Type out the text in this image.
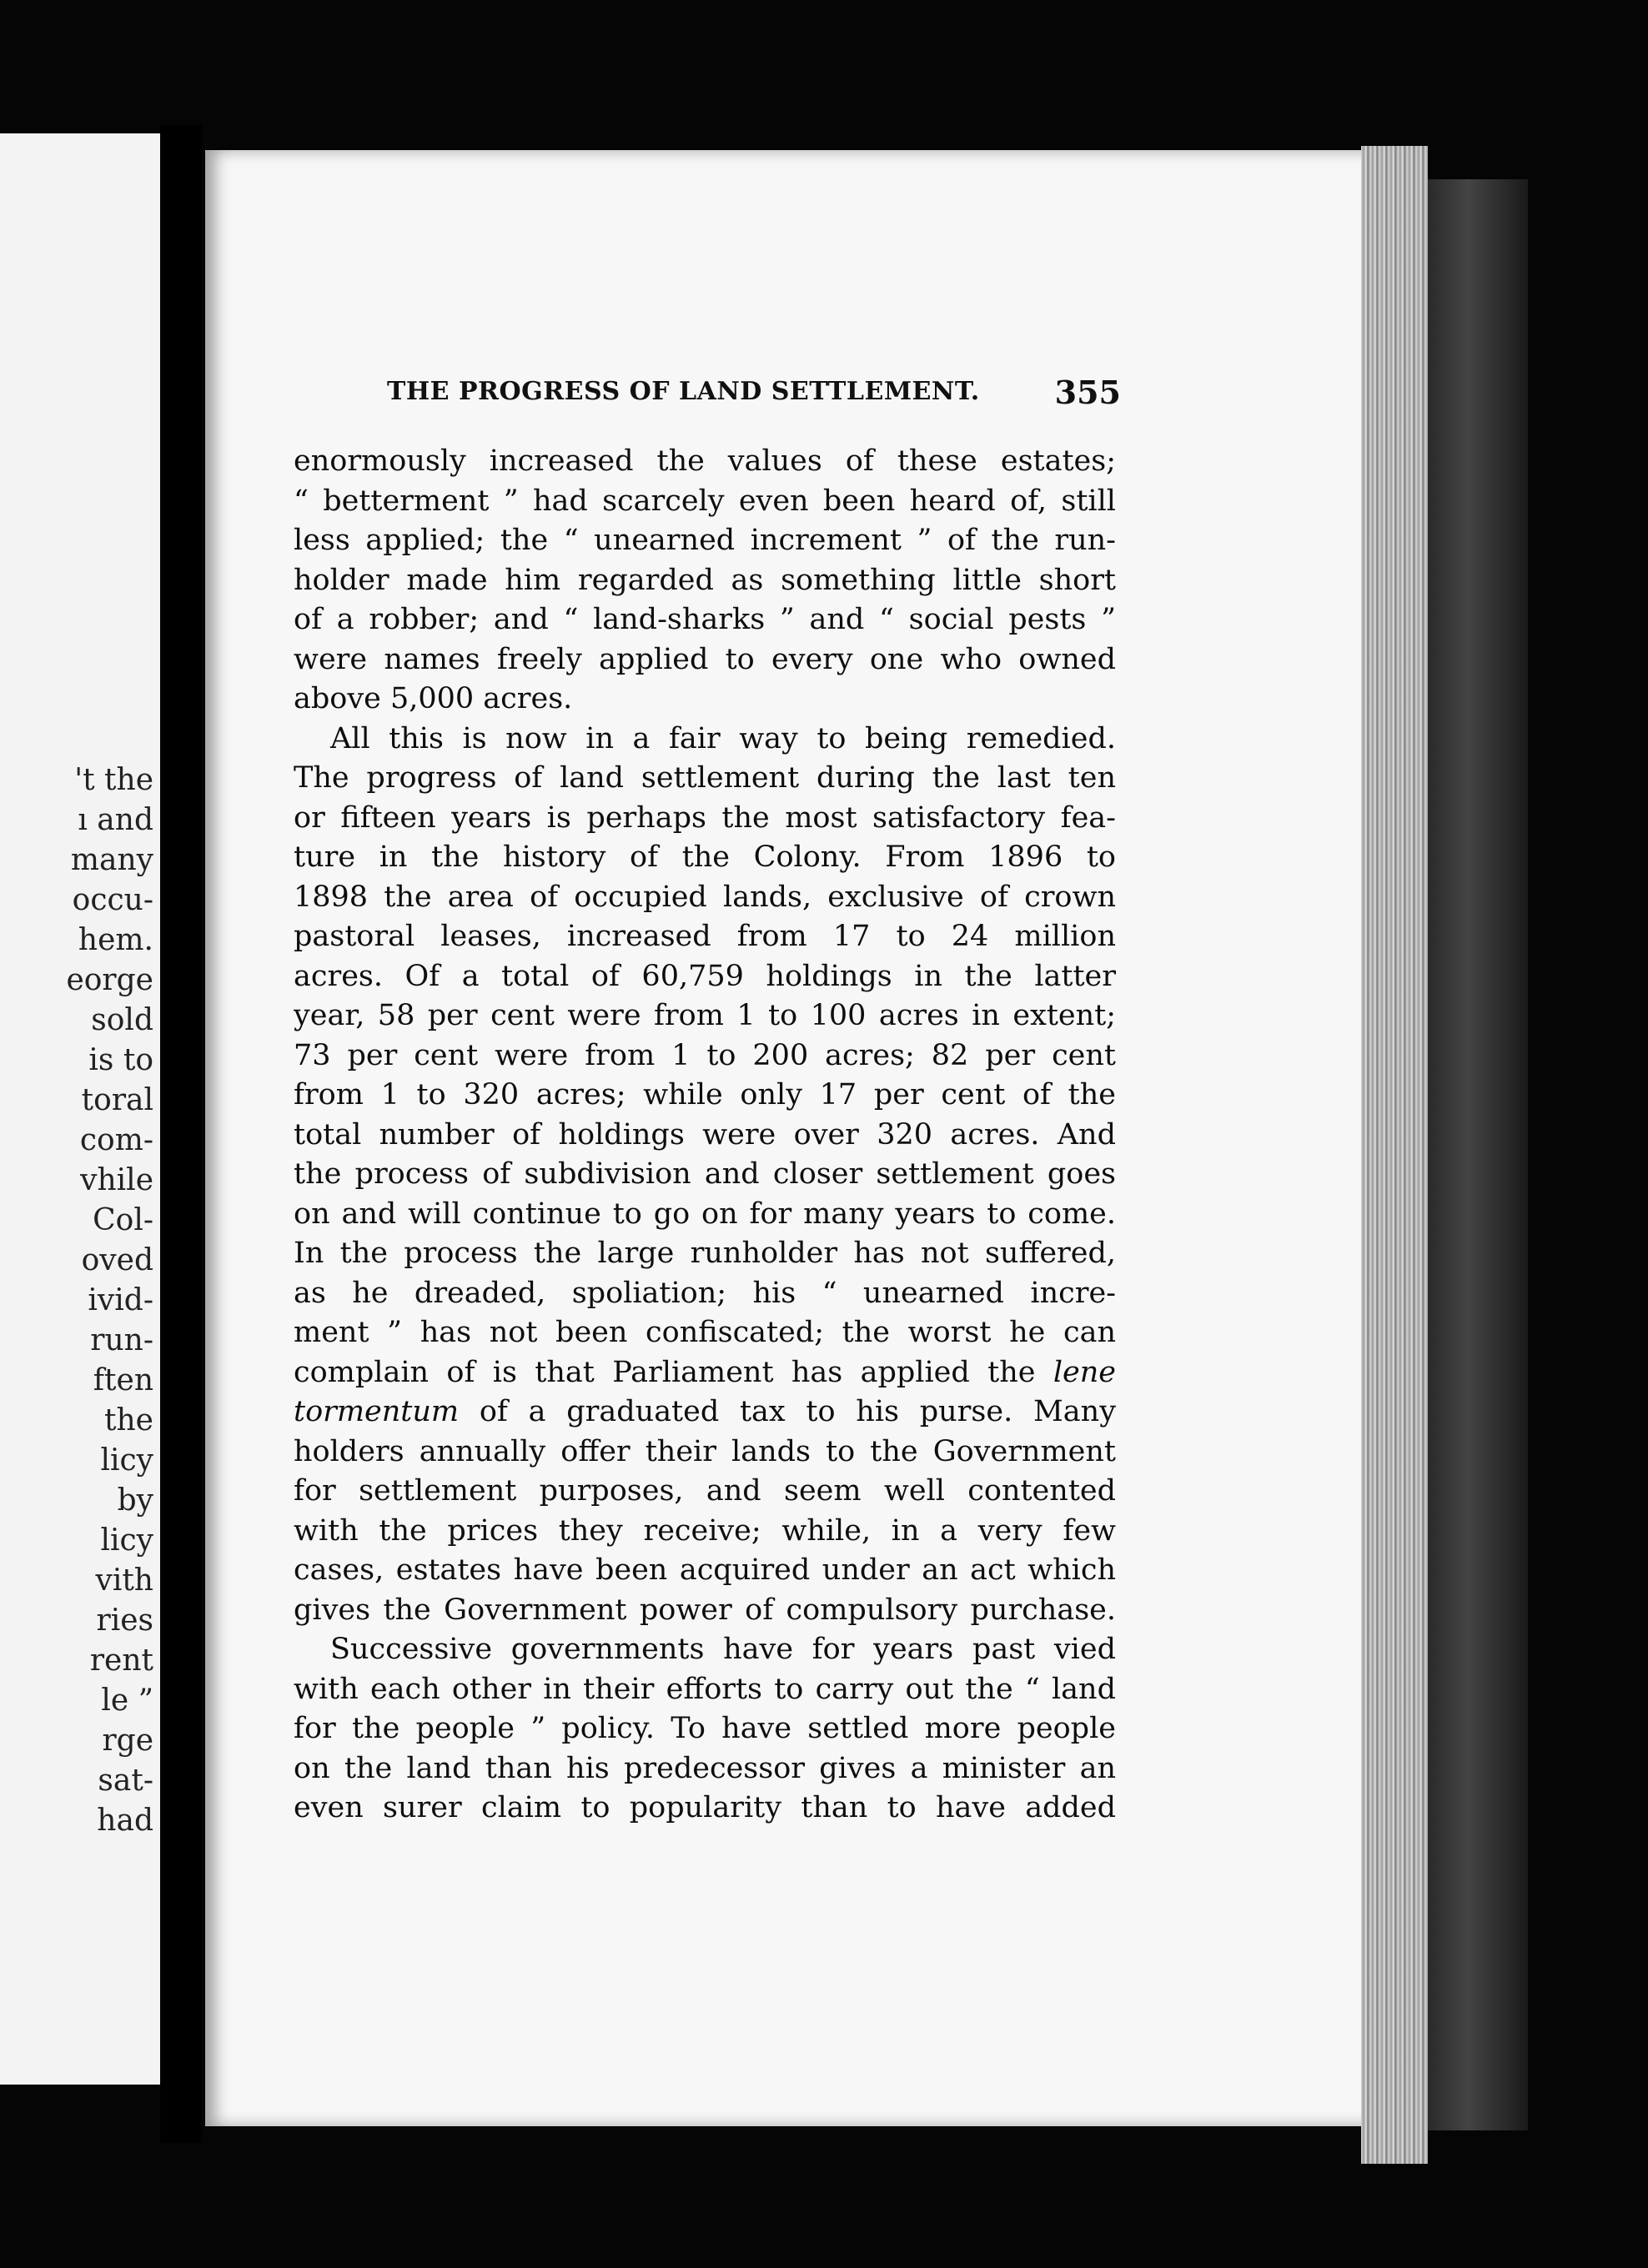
't the
ı and
many
occu-
hem.
eorge
sold
is to
toral
com-
vhile
Col-
oved
ivid-
run-
ften
the
licy
by
licy
vith
ries
rent
le ”
rge
sat-
had
THE PROGRESS OF LAND SETTLEMENT. 355
enormously increased the values of these estates;
“ betterment ” had scarcely even been heard of, still
less applied; the “ unearned increment ” of the run-
holder made him regarded as something little short
of a robber; and “ land-sharks ” and “ social pests ”
were names freely applied to every one who owned
above 5,000 acres.
All this is now in a fair way to being remedied.
The progress of land settlement during the last ten
or fifteen years is perhaps the most satisfactory fea-
ture in the history of the Colony. From 1896 to
1898 the area of occupied lands, exclusive of crown
pastoral leases, increased from 17 to 24 million
acres. Of a total of 60,759 holdings in the latter
year, 58 per cent were from 1 to 100 acres in extent;
73 per cent were from 1 to 200 acres; 82 per cent
from 1 to 320 acres; while only 17 per cent of the
total number of holdings were over 320 acres. And
the process of subdivision and closer settlement goes
on and will continue to go on for many years to come.
In the process the large runholder has not suffered,
as he dreaded, spoliation; his “ unearned incre-
ment ” has not been confiscated; the worst he can
complain of is that Parliament has applied the lene
tormentum of a graduated tax to his purse. Many
holders annually offer their lands to the Government
for settlement purposes, and seem well contented
with the prices they receive; while, in a very few
cases, estates have been acquired under an act which
gives the Government power of compulsory purchase.
Successive governments have for years past vied
with each other in their efforts to carry out the “ land
for the people ” policy. To have settled more people
on the land than his predecessor gives a minister an
even surer claim to popularity than to have added
